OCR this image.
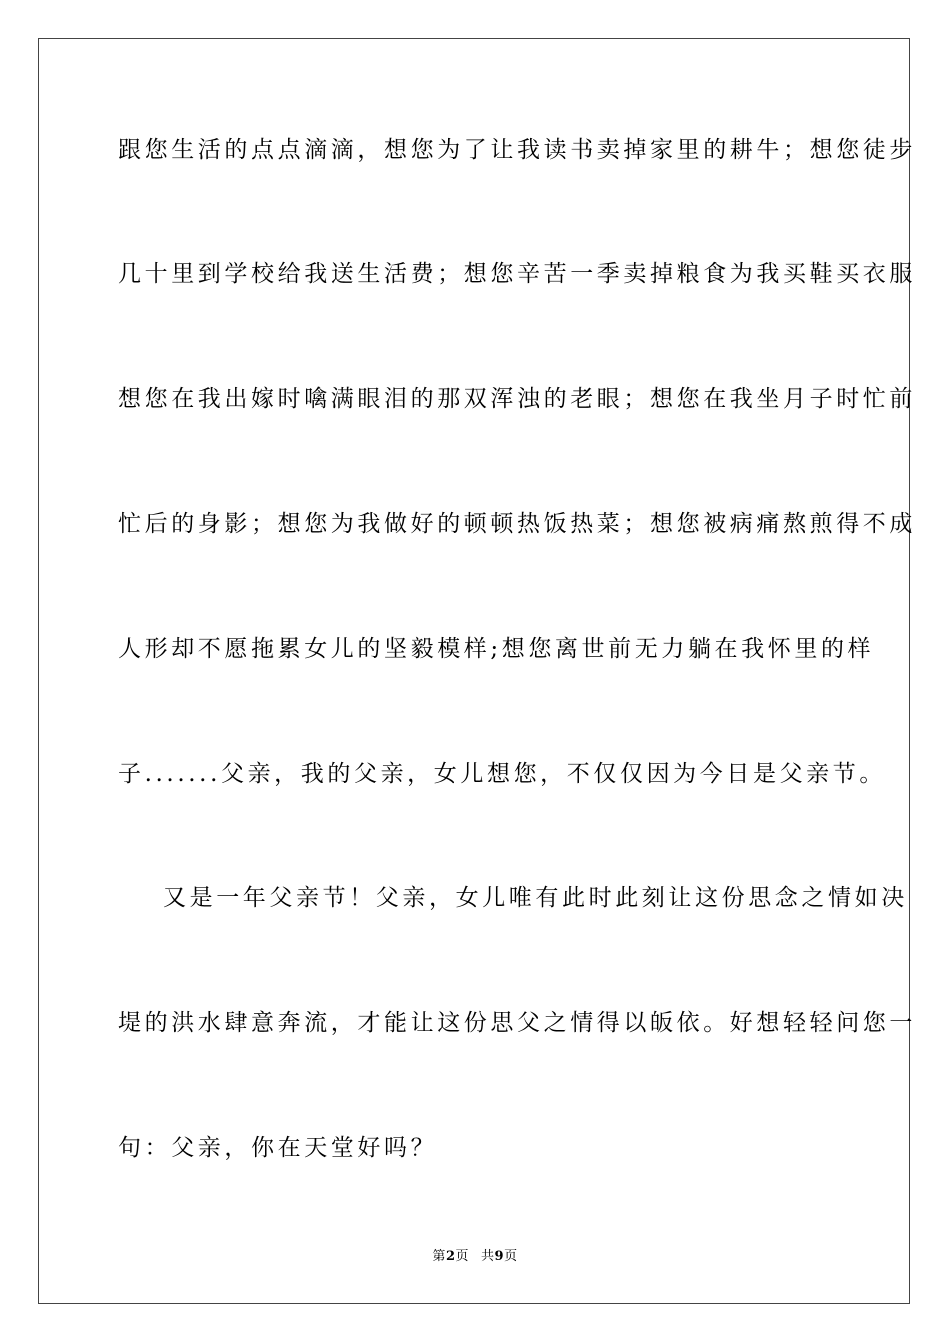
跟您生活的点点滴滴，想您为了让我读书卖掉家里的耕牛；想您徒步
几十里到学校给我送生活费；想您辛苦一季卖掉粮食为我买鞋买衣服
想您在我出嫁时噙满眼泪的那双浑浊的老眼；想您在我坐月子时忙前
忙后的身影；想您为我做好的顿顿热饭热菜；想您被病痛熬煎得不成
人形却不愿拖累女儿的坚毅模样;想您离世前无力躺在我怀里的样
子.......父亲，我的父亲，女儿想您，不仅仅因为今日是父亲节。
又是一年父亲节！父亲，女儿唯有此时此刻让这份思念之情如决
堤的洪水肆意奔流，才能让这份思父之情得以皈依。好想轻轻问您一
句：父亲，你在天堂好吗？
第2页 共9页
